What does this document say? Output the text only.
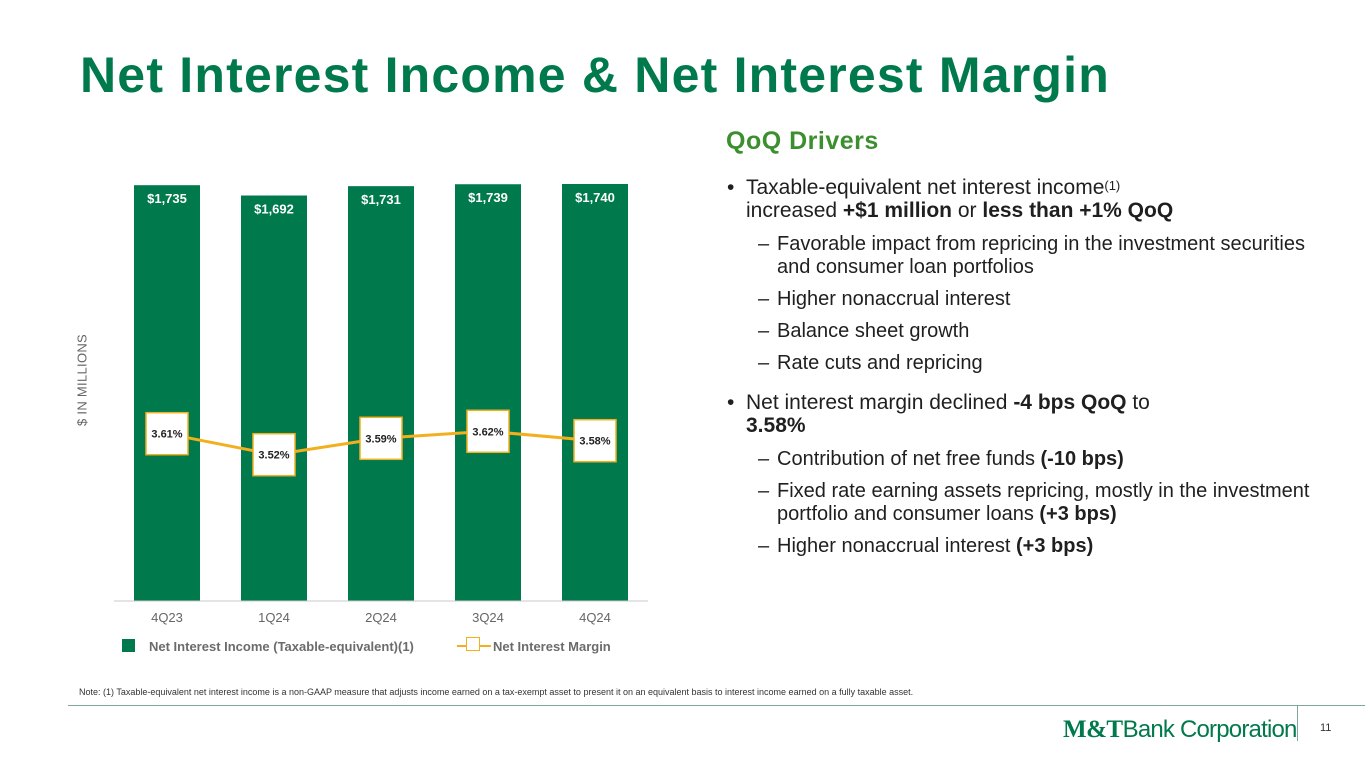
Net Interest Income & Net Interest Margin
$1,735
$1,692
$1,731	$1,739	$1,740
4Q23	1Q24	2Q24	3Q24	4Q24
3.61%
3.52%
3.59%
3.62%
3.58%
$ IN MILLIONS
Net Interest Income (Taxable-equivalent)(1)	Net Interest Margin
QoQ Drivers
• Taxable-equivalent net interest income$^{(1)}$
increased +$1 million or less than +1% QoQ
– Favorable impact from repricing in the investment securities and consumer loan portfolios
– Higher nonaccrual interest
– Balance sheet growth
– Rate cuts and repricing
• Net interest margin declined -4 bps QoQ to
3.58%
– Contribution of net free funds (-10 bps)
– Fixed rate earning assets repricing, mostly in the investment portfolio and consumer loans (+3 bps)
– Higher nonaccrual interest (+3 bps)
Note: (1) Taxable-equivalent net interest income is a non-GAAP measure that adjusts income earned on a tax-exempt asset to present it on an equivalent basis to interest income earned on a fully taxable asset.
M&TBank Corporation 11
